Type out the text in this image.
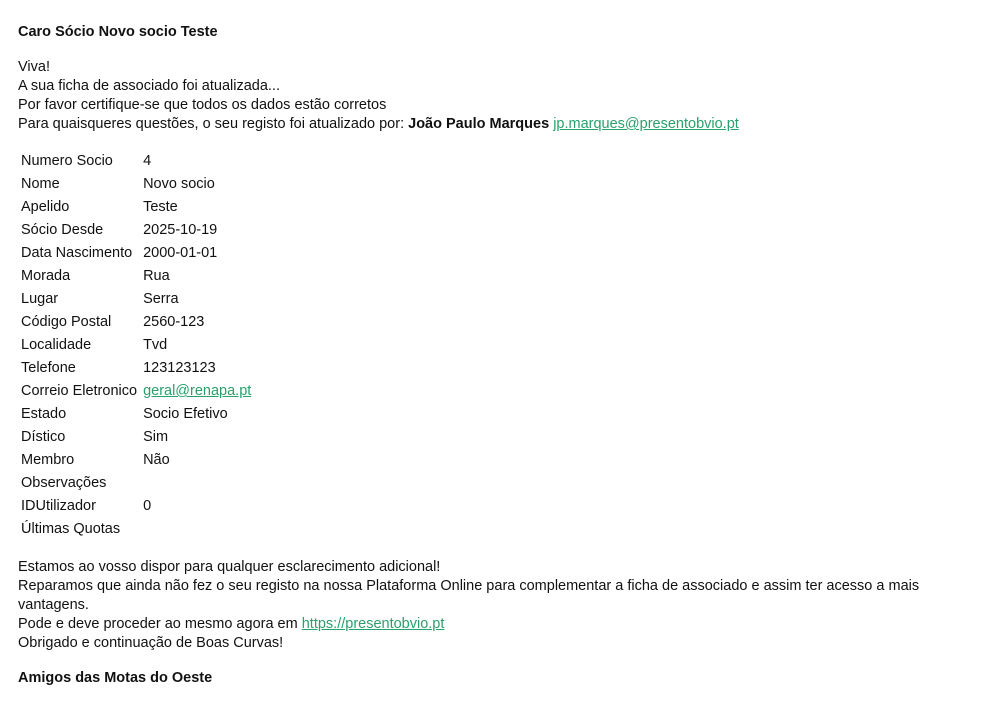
Caro Sócio Novo socio Teste

Viva!

A sua ficha de associado foi atualizada...

Por favor certifique-se que todos os dados estão corretos

Para quaisqueres questões, o seu registo foi atualizado por: João Paulo Marques jp.marques@presentobvio.pt

Numero Socio	4
Nome	Novo socio
Apelido	Teste
Sócio Desde	2025-10-19
Data Nascimento	2000-01-01
Morada	Rua
Lugar	Serra
Código Postal	2560-123
Localidade	Tvd
Telefone	123123123
Correio Eletronico	geral@renapa.pt
Estado	Socio Efetivo
Dístico	Sim
Membro	Não
Observações	
IDUtilizador	0
Últimas Quotas	

Estamos ao vosso dispor para qualquer esclarecimento adicional!

Reparamos que ainda não fez o seu registo na nossa Plataforma Online para complementar a ficha de associado e assim ter acesso a mais vantagens.

Pode e deve proceder ao mesmo agora em https://presentobvio.pt

Obrigado e continuação de Boas Curvas!

Amigos das Motas do Oeste
